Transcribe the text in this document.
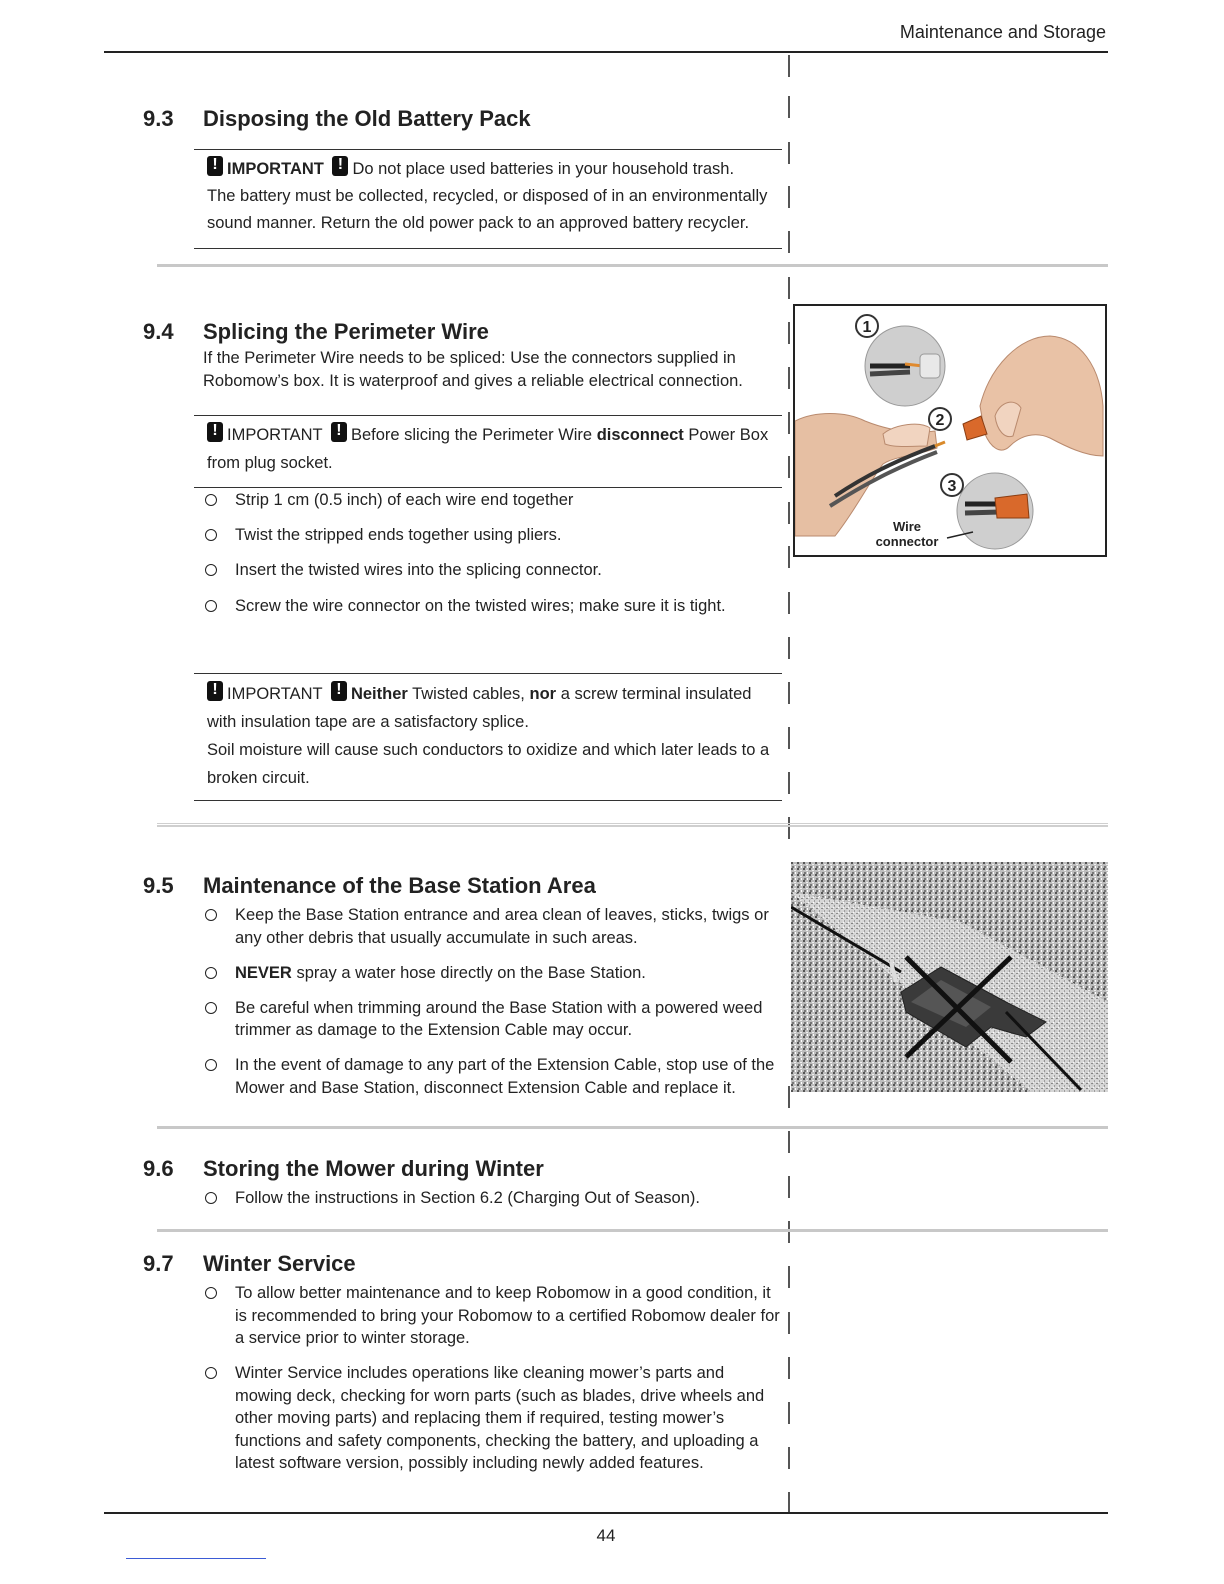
Maintenance and Storage
9.3 Disposing the Old Battery Pack
!IMPORTANT ! Do not place used batteries in your household trash.
The battery must be collected, recycled, or disposed of in an environmentally sound manner. Return the old power pack to an approved battery recycler.
9.4 Splicing the Perimeter Wire
If the Perimeter Wire needs to be spliced: Use the connectors supplied in Robomow’s box. It is waterproof and gives a reliable electrical connection.
!IMPORTANT ! Before slicing the Perimeter Wire disconnect Power Box from plug socket.
Strip 1 cm (0.5 inch) of each wire end together
Twist the stripped ends together using pliers.
Insert the twisted wires into the splicing connector.
Screw the wire connector on the twisted wires; make sure it is tight.
!IMPORTANT ! Neither Twisted cables, nor a screw terminal insulated with insulation tape are a satisfactory splice.
Soil moisture will cause such conductors to oxidize and which later leads to a broken circuit.
1
2
3
Wire
connector
9.5 Maintenance of the Base Station Area
Keep the Base Station entrance and area clean of leaves, sticks, twigs or any other debris that usually accumulate in such areas.
NEVER spray a water hose directly on the Base Station.
Be careful when trimming around the Base Station with a powered weed trimmer as damage to the Extension Cable may occur.
In the event of damage to any part of the Extension Cable, stop use of the Mower and Base Station, disconnect Extension Cable and replace it.
9.6 Storing the Mower during Winter
Follow the instructions in Section 6.2 (Charging Out of Season).
9.7 Winter Service
To allow better maintenance and to keep Robomow in a good condition, it is recommended to bring your Robomow to a certified Robomow dealer for a service prior to winter storage.
Winter Service includes operations like cleaning mower’s parts and mowing deck, checking for worn parts (such as blades, drive wheels and other moving parts) and replacing them if required, testing mower’s functions and safety components, checking the battery, and uploading a latest software version, possibly including newly added features.
44
